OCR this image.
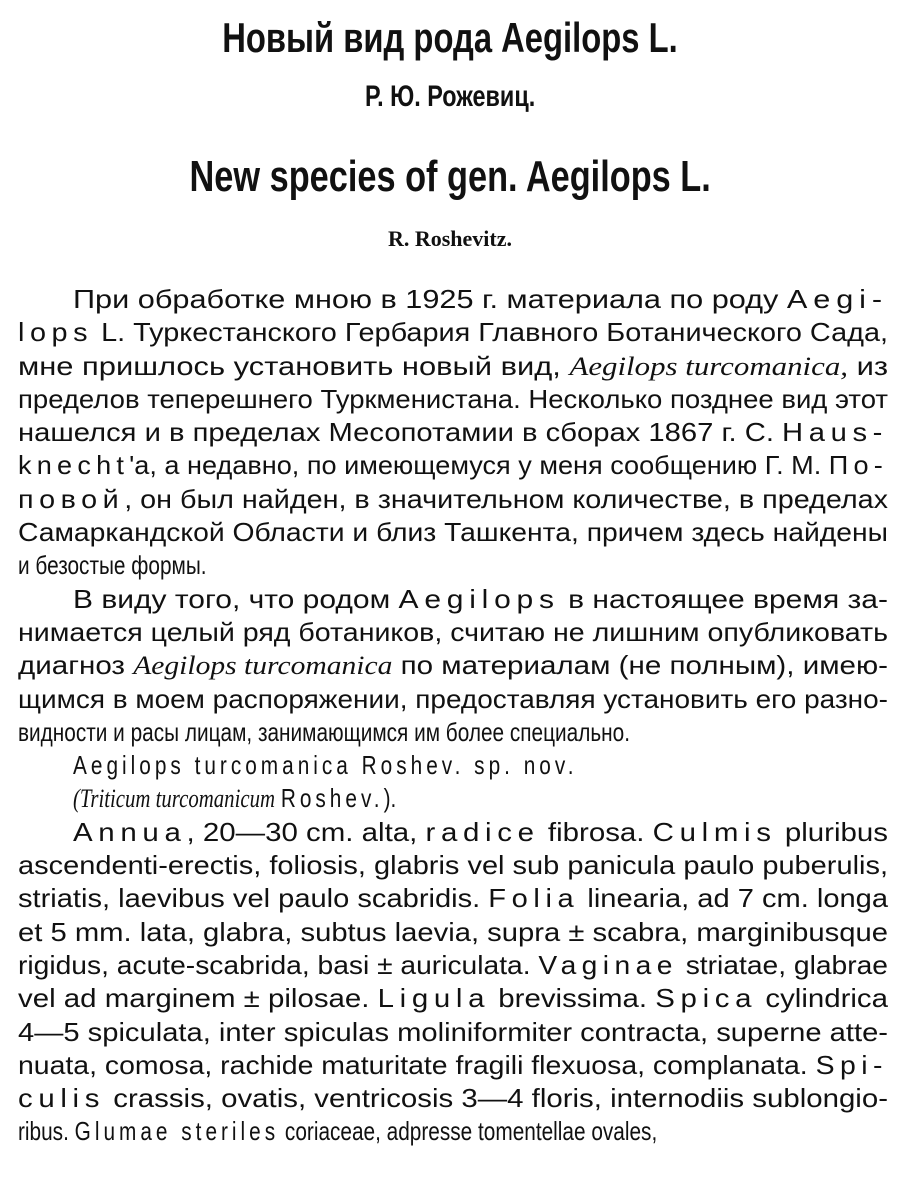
Новый вид рода Aegilops L.
Р. Ю. Рожевиц.
New species of gen. Aegilops L.
R. Roshevitz.
При обработке мною в 1925 г. материала по роду Aegi-
lops L. Туркестанского Гербария Главного Ботанического Сада,
мне пришлось установить новый вид, Aegilops turcomanica, из
пределов теперешнего Туркменистана. Несколько позднее вид этот
нашелся и в пределах Месопотамии в сборах 1867 г. С. Haus-
knecht'а, а недавно, по имеющемуся у меня сообщению Г. М. По-
повой, он был найден, в значительном количестве, в пределах
Самаркандской Области и близ Ташкента, причем здесь найдены
и безостые формы.
В виду того, что родом Aegilops в настоящее время за-
нимается целый ряд ботаников, считаю не лишним опубликовать
диагноз Aegilops turcomanica по материалам (не полным), имею-
щимся в моем распоряжении, предоставляя установить его разно-
видности и расы лицам, занимающимся им более специально.
Aegilops turcomanica Roshev. sp. nov.
(Triticum turcomanicum Roshev.).
Annua, 20—30 cm. alta, radice fibrosa. Culmis pluribus
ascendenti-erectis, foliosis, glabris vel sub panicula paulo puberulis,
striatis, laevibus vel paulo scabridis. Folia linearia, ad 7 cm. longa
et 5 mm. lata, glabra, subtus laevia, supra ± scabra, marginibusque
rigidus, acute-scabrida, basi ± auriculata. Vaginae striatae, glabrae
vel ad marginem ± pilosae. Ligula brevissima. Spica cylindrica
4—5 spiculata, inter spiculas moliniformiter contracta, superne atte-
nuata, comosa, rachide maturitate fragili flexuosa, complanata. Spi-
culis crassis, ovatis, ventricosis 3—4 floris, internodiis sublongio-
ribus. Glumae steriles coriaceae, adpresse tomentellae ovales,
